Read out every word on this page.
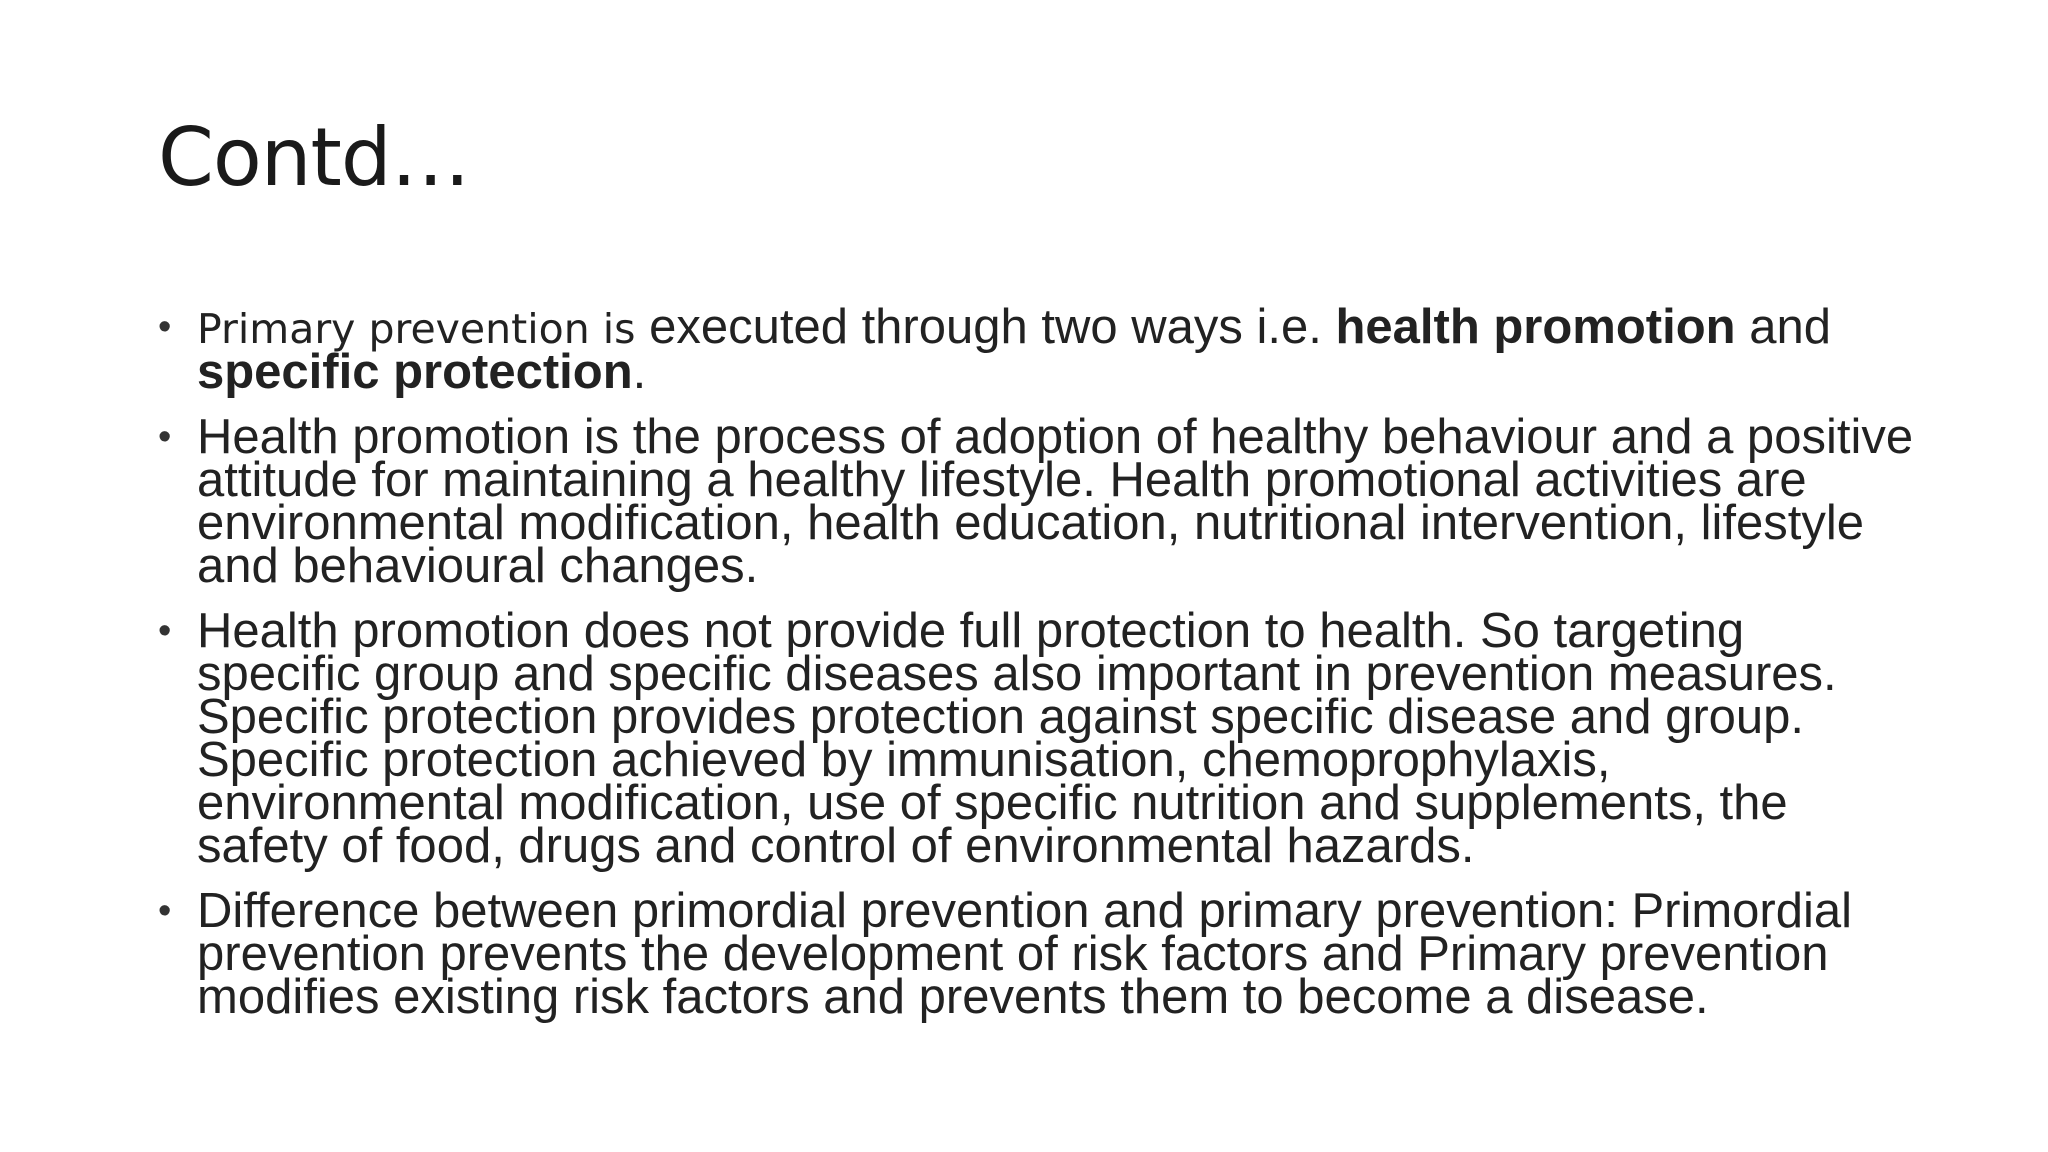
Contd…
• Primary prevention is executed through two ways i.e. health promotion and specific protection.
• Health promotion is the process of adoption of healthy behaviour and a positive attitude for maintaining a healthy lifestyle. Health promotional activities are environmental modification, health education, nutritional intervention, lifestyle and behavioural changes.
• Health promotion does not provide full protection to health. So targeting specific group and specific diseases also important in prevention measures. Specific protection provides protection against specific disease and group. Specific protection achieved by immunisation, chemoprophylaxis, environmental modification, use of specific nutrition and supplements, the safety of food, drugs and control of environmental hazards.
• Difference between primordial prevention and primary prevention: Primordial prevention prevents the development of risk factors and Primary prevention modifies existing risk factors and prevents them to become a disease.
